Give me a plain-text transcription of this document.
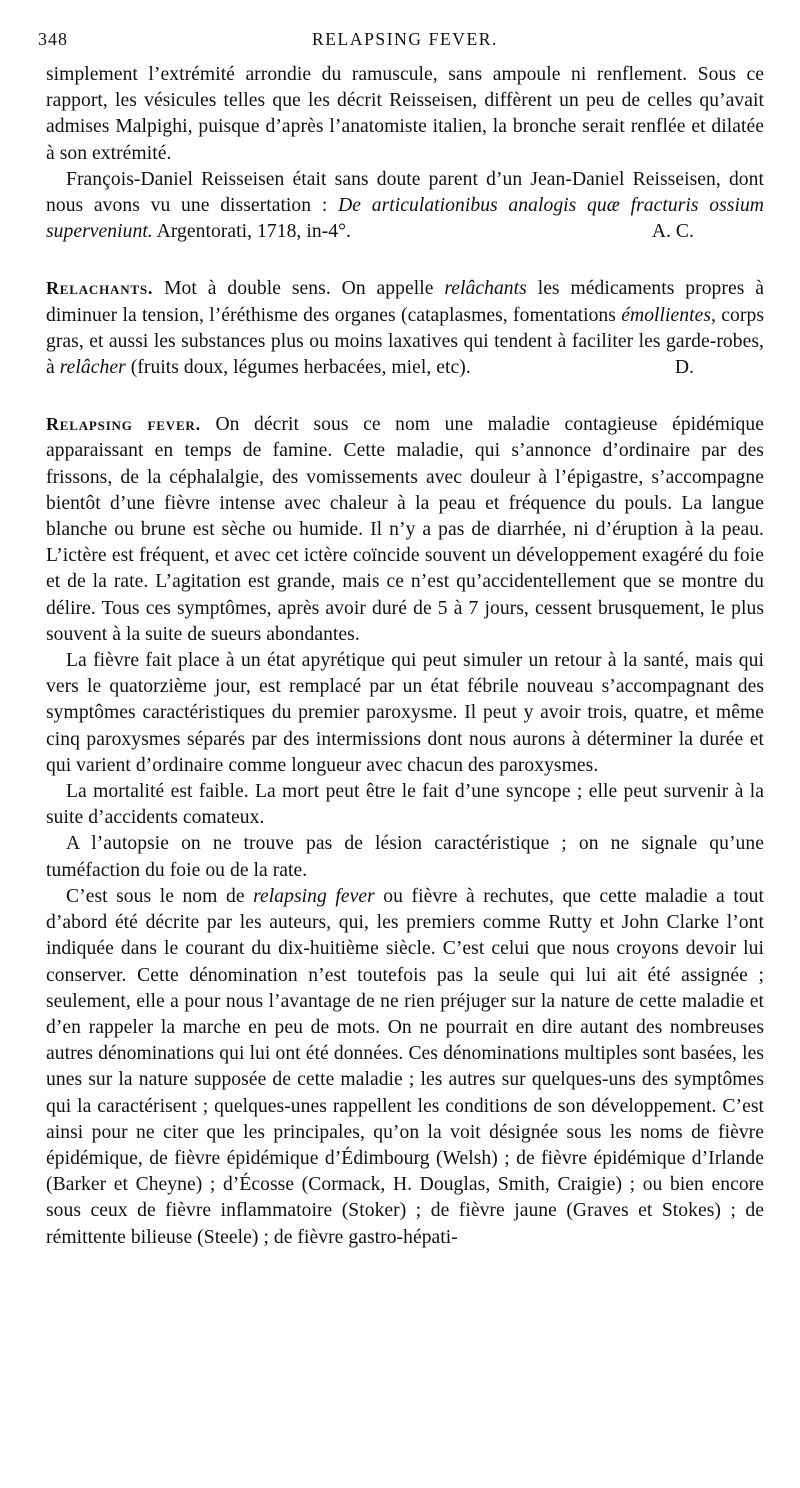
348	RELAPSING FEVER.

simplement l’extrémité arrondie du ramuscule, sans ampoule ni renflement. Sous ce rapport, les vésicules telles que les décrit Reisseisen, diffèrent un peu de celles qu’avait admises Malpighi, puisque d’après l’anatomiste italien, la bronche serait renflée et dilatée à son extrémité.

François-Daniel Reisseisen était sans doute parent d’un Jean-Daniel Reisseisen, dont nous avons vu une dissertation : De articulationibus analogis quæ fracturis ossium superveniunt. Argentorati, 1718, in-4°.	A. C.

Relachants. Mot à double sens. On appelle relâchants les médicaments propres à diminuer la tension, l’éréthisme des organes (cataplasmes, fomentations émollientes, corps gras, et aussi les substances plus ou moins laxatives qui tendent à faciliter les garde-robes, à relâcher (fruits doux, légumes herbacées, miel, etc).	D.

Relapsing fever. On décrit sous ce nom une maladie contagieuse épidémique apparaissant en temps de famine. Cette maladie, qui s’annonce d’ordinaire par des frissons, de la céphalalgie, des vomissements avec douleur à l’épigastre, s’accompagne bientôt d’une fièvre intense avec chaleur à la peau et fréquence du pouls. La langue blanche ou brune est sèche ou humide. Il n’y a pas de diarrhée, ni d’éruption à la peau. L’ictère est fréquent, et avec cet ictère coïncide souvent un développement exagéré du foie et de la rate. L’agitation est grande, mais ce n’est qu’accidentellement que se montre du délire. Tous ces symptômes, après avoir duré de 5 à 7 jours, cessent brusquement, le plus souvent à la suite de sueurs abondantes.

La fièvre fait place à un état apyrétique qui peut simuler un retour à la santé, mais qui vers le quatorzième jour, est remplacé par un état fébrile nouveau s’accompagnant des symptômes caractéristiques du premier paroxysme. Il peut y avoir trois, quatre, et même cinq paroxysmes séparés par des intermissions dont nous aurons à déterminer la durée et qui varient d’ordinaire comme longueur avec chacun des paroxysmes.

La mortalité est faible. La mort peut être le fait d’une syncope ; elle peut survenir à la suite d’accidents comateux.

A l’autopsie on ne trouve pas de lésion caractéristique ; on ne signale qu’une tuméfaction du foie ou de la rate.

C’est sous le nom de relapsing fever ou fièvre à rechutes, que cette maladie a tout d’abord été décrite par les auteurs, qui, les premiers comme Rutty et John Clarke l’ont indiquée dans le courant du dix-huitième siècle. C’est celui que nous croyons devoir lui conserver. Cette dénomination n’est toutefois pas la seule qui lui ait été assignée ; seulement, elle a pour nous l’avantage de ne rien préjuger sur la nature de cette maladie et d’en rappeler la marche en peu de mots. On ne pourrait en dire autant des nombreuses autres dénominations qui lui ont été données. Ces dénominations multiples sont basées, les unes sur la nature supposée de cette maladie ; les autres sur quelques-uns des symptômes qui la caractérisent ; quelques-unes rappellent les conditions de son développement. C’est ainsi pour ne citer que les principales, qu’on la voit désignée sous les noms de fièvre épidémique, de fièvre épidémique d’Édimbourg (Welsh) ; de fièvre épidémique d’Irlande (Barker et Cheyne) ; d’Écosse (Cormack, H. Douglas, Smith, Craigie) ; ou bien encore sous ceux de fièvre inflammatoire (Stoker) ; de fièvre jaune (Graves et Stokes) ; de rémittente bilieuse (Steele) ; de fièvre gastro-hépati-
